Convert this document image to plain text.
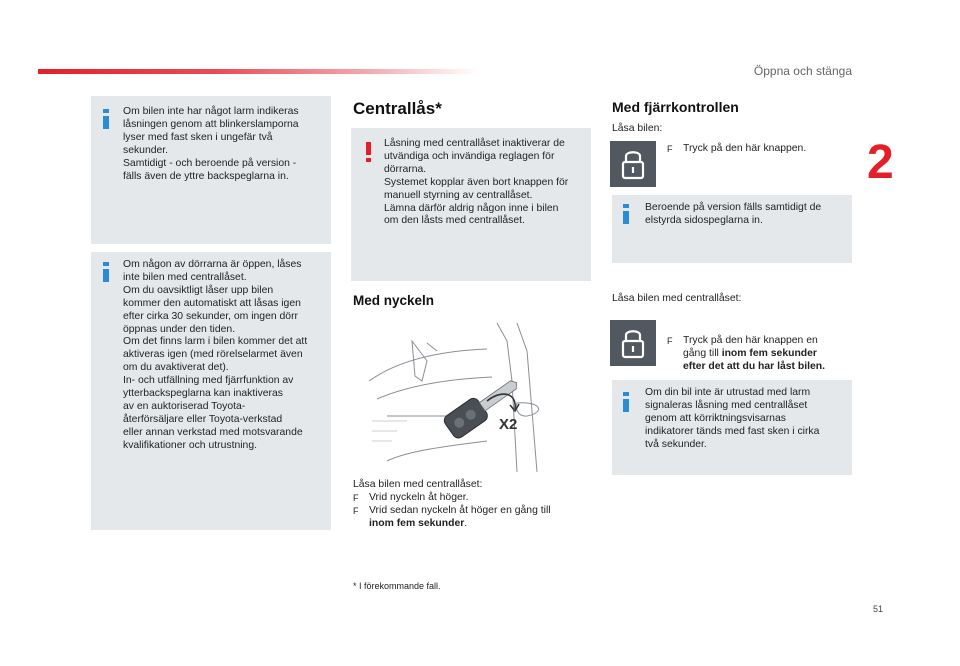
Öppna och stänga
2
51

Om bilen inte har något larm indikeras

låsningen genom att blinkerslamporna

lyser med fast sken i ungefär två

sekunder.

Samtidigt - och beroende på version -

fälls även de yttre backspeglarna in.

Om någon av dörrarna är öppen, låses

inte bilen med centrallåset.

Om du oavsiktligt låser upp bilen

kommer den automatiskt att låsas igen

efter cirka 30 sekunder, om ingen dörr

öppnas under den tiden.

Om det finns larm i bilen kommer det att

aktiveras igen (med rörelselarmet även

om du avaktiverat det).

In- och utfällning med fjärrfunktion av

ytterbackspeglarna kan inaktiveras

av en auktoriserad Toyota-

återförsäljare eller Toyota-verkstad

eller annan verkstad med motsvarande

kvalifikationer och utrustning.

Centrallås*

Låsning med centrallåset inaktiverar de

utvändiga och invändiga reglagen för

dörrarna.

Systemet kopplar även bort knappen för

manuell styrning av centrallåset.

Lämna därför aldrig någon inne i bilen

om den låsts med centrallåset.

Med nyckeln
X2

Låsa bilen med centrallåset:

F	Vrid nyckeln åt höger.

F	Vrid sedan nyckeln åt höger en gång till
inom fem sekunder.

* I förekommande fall.
Med fjärrkontrollen
Låsa bilen:
F	Tryck på den här knappen.

Beroende på version fälls samtidigt de

elstyrda sidospeglarna in.

Låsa bilen med centrallåset:
F	Tryck på den här knappen en
gång till inom fem sekunder
efter det att du har låst bilen.

Om din bil inte är utrustad med larm

signaleras låsning med centrallåset

genom att körriktningsvisarnas

indikatorer tänds med fast sken i cirka

två sekunder.
